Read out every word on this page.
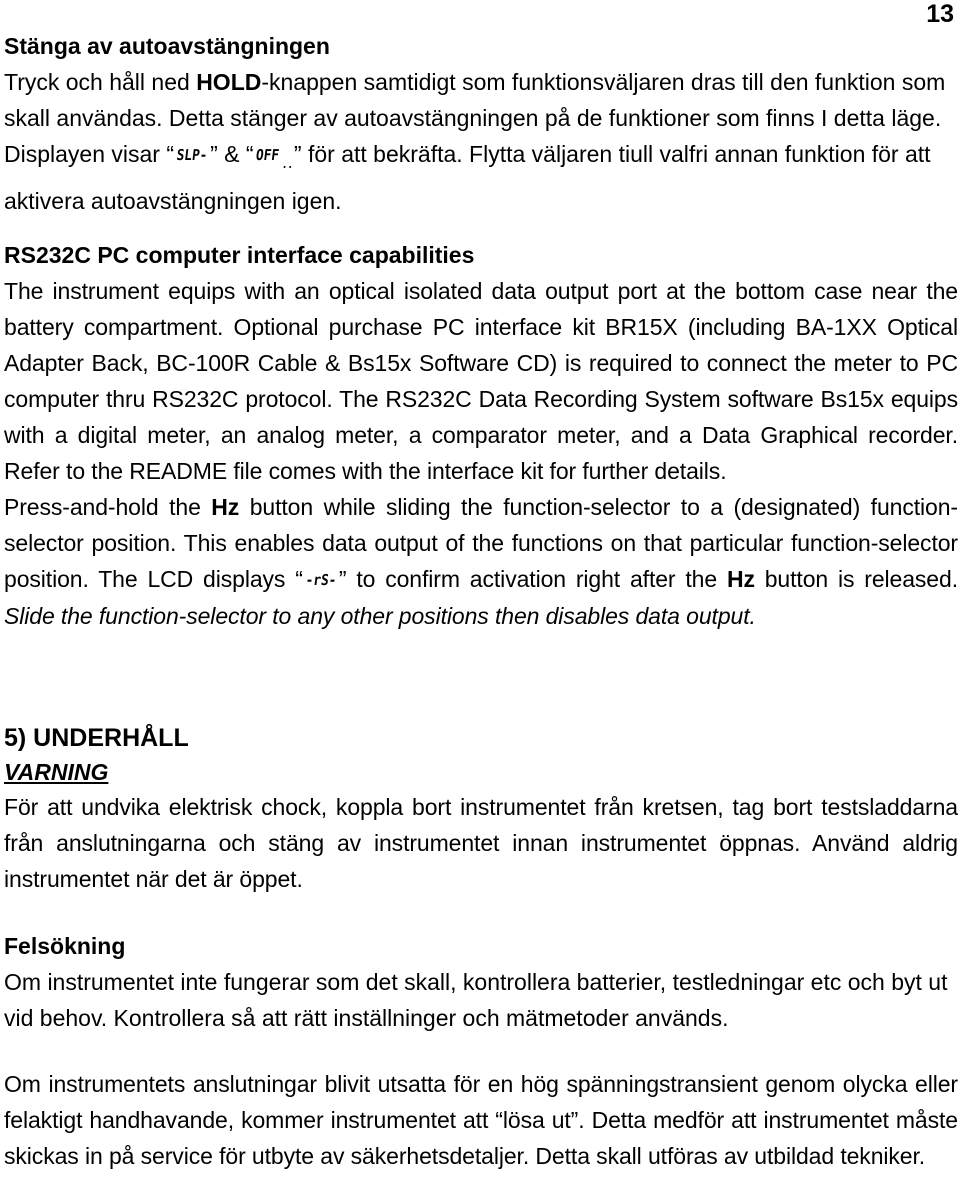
13
Stänga av autoavstängningen

Tryck och håll ned HOLD-knappen samtidigt som funktionsväljaren dras till den funktion som skall användas. Detta stänger av autoavstängningen på de funktioner som finns I detta läge. Displayen visar “ SLP-” & “OFF..” för att bekräfta. Flytta väljaren tiull valfri annan funktion för att aktivera autoavstängningen igen.

RS232C PC computer interface capabilities

The instrument equips with an optical isolated data output port at the bottom case near the battery compartment. Optional purchase PC interface kit BR15X (including BA-1XX Optical Adapter Back, BC-100R Cable & Bs15x Software CD) is required to connect the meter to PC computer thru RS232C protocol. The RS232C Data Recording System software Bs15x equips with a digital meter, an analog meter, a comparator meter, and a Data Graphical recorder. Refer to the README file comes with the interface kit for further details.

Press-and-hold the Hz button while sliding the function-selector to a (designated) function-selector position. This enables data output of the functions on that particular function-selector position. The LCD displays “ -rS-” to confirm activation right after the Hz button is released. Slide the function-selector to any other positions then disables data output.

5) UNDERHÅLL
VARNING

För att undvika elektrisk chock, koppla bort instrumentet från kretsen, tag bort testsladdarna från anslutningarna och stäng av instrumentet innan instrumentet öppnas. Använd aldrig instrumentet när det är öppet.

Felsökning

Om instrumentet inte fungerar som det skall, kontrollera batterier, testledningar etc och byt ut vid behov. Kontrollera så att rätt inställninger och mätmetoder används.

Om instrumentets anslutningar blivit utsatta för en hög spänningstransient genom olycka eller felaktigt handhavande, kommer instrumentet att “lösa ut”. Detta medför att instrumentet måste skickas in på service för utbyte av säkerhetsdetaljer. Detta skall utföras av utbildad tekniker.
